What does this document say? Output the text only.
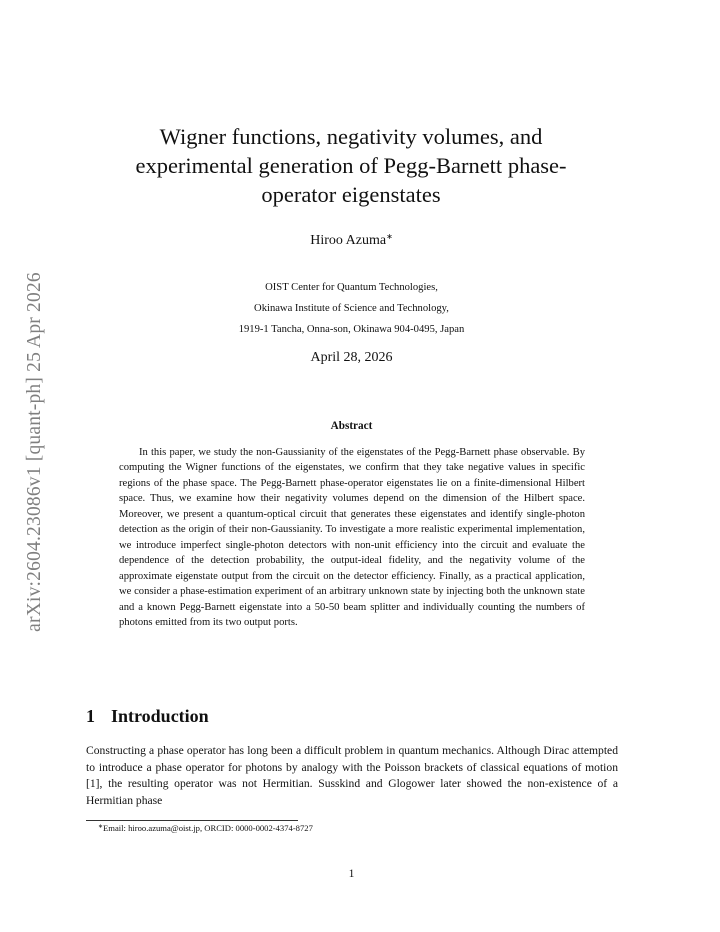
arXiv:2604.23086v1 [quant-ph] 25 Apr 2026
Wigner functions, negativity volumes, and experimental generation of Pegg-Barnett phase-operator eigenstates
Hiroo Azuma∗
OIST Center for Quantum Technologies,
Okinawa Institute of Science and Technology,
1919-1 Tancha, Onna-son, Okinawa 904-0495, Japan
April 28, 2026
Abstract
In this paper, we study the non-Gaussianity of the eigenstates of the Pegg-Barnett phase observable. By computing the Wigner functions of the eigenstates, we confirm that they take negative values in specific regions of the phase space. The Pegg-Barnett phase-operator eigenstates lie on a finite-dimensional Hilbert space. Thus, we examine how their negativity volumes depend on the dimension of the Hilbert space. Moreover, we present a quantum-optical circuit that generates these eigenstates and identify single-photon detection as the origin of their non-Gaussianity. To investigate a more realistic experimental implementation, we introduce imperfect single-photon detectors with non-unit efficiency into the circuit and evaluate the dependence of the detection probability, the output-ideal fidelity, and the negativity volume of the approximate eigenstate output from the circuit on the detector efficiency. Finally, as a practical application, we consider a phase-estimation experiment of an arbitrary unknown state by injecting both the unknown state and a known Pegg-Barnett eigenstate into a 50-50 beam splitter and individually counting the numbers of photons emitted from its two output ports.
1 Introduction
Constructing a phase operator has long been a difficult problem in quantum mechanics. Although Dirac attempted to introduce a phase operator for photons by analogy with the Poisson brackets of classical equations of motion [1], the resulting operator was not Hermitian. Susskind and Glogower later showed the non-existence of a Hermitian phase
∗Email: hiroo.azuma@oist.jp, ORCID: 0000-0002-4374-8727
1
